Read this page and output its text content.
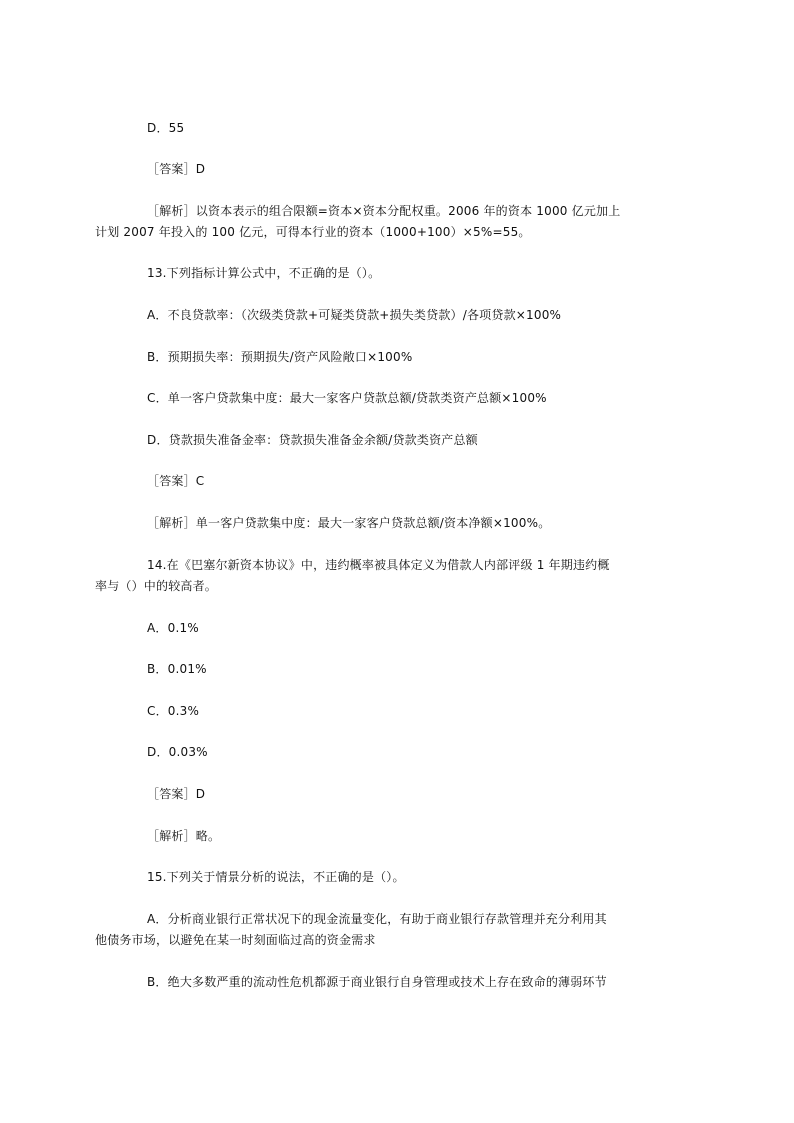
D．55

［答案］D

［解析］以资本表示的组合限额=资本×资本分配权重。2006 年的资本 1000 亿元加上
计划 2007 年投入的 100 亿元，可得本行业的资本（1000+100）×5%=55。

13.下列指标计算公式中，不正确的是（）。

A．不良贷款率：（次级类贷款+可疑类贷款+损失类贷款）/各项贷款×100%

B．预期损失率：预期损失/资产风险敞口×100%

C．单一客户贷款集中度：最大一家客户贷款总额/贷款类资产总额×100%

D．贷款损失准备金率：贷款损失准备金余额/贷款类资产总额

［答案］C

［解析］单一客户贷款集中度：最大一家客户贷款总额/资本净额×100%。

14.在《巴塞尔新资本协议》中，违约概率被具体定义为借款人内部评级 1 年期违约概
率与（）中的较高者。

A．0.1%

B．0.01%

C．0.3%

D．0.03%

［答案］D

［解析］略。

15.下列关于情景分析的说法，不正确的是（）。

A．分析商业银行正常状况下的现金流量变化，有助于商业银行存款管理并充分利用其
他债务市场，以避免在某一时刻面临过高的资金需求

B．绝大多数严重的流动性危机都源于商业银行自身管理或技术上存在致命的薄弱环节
